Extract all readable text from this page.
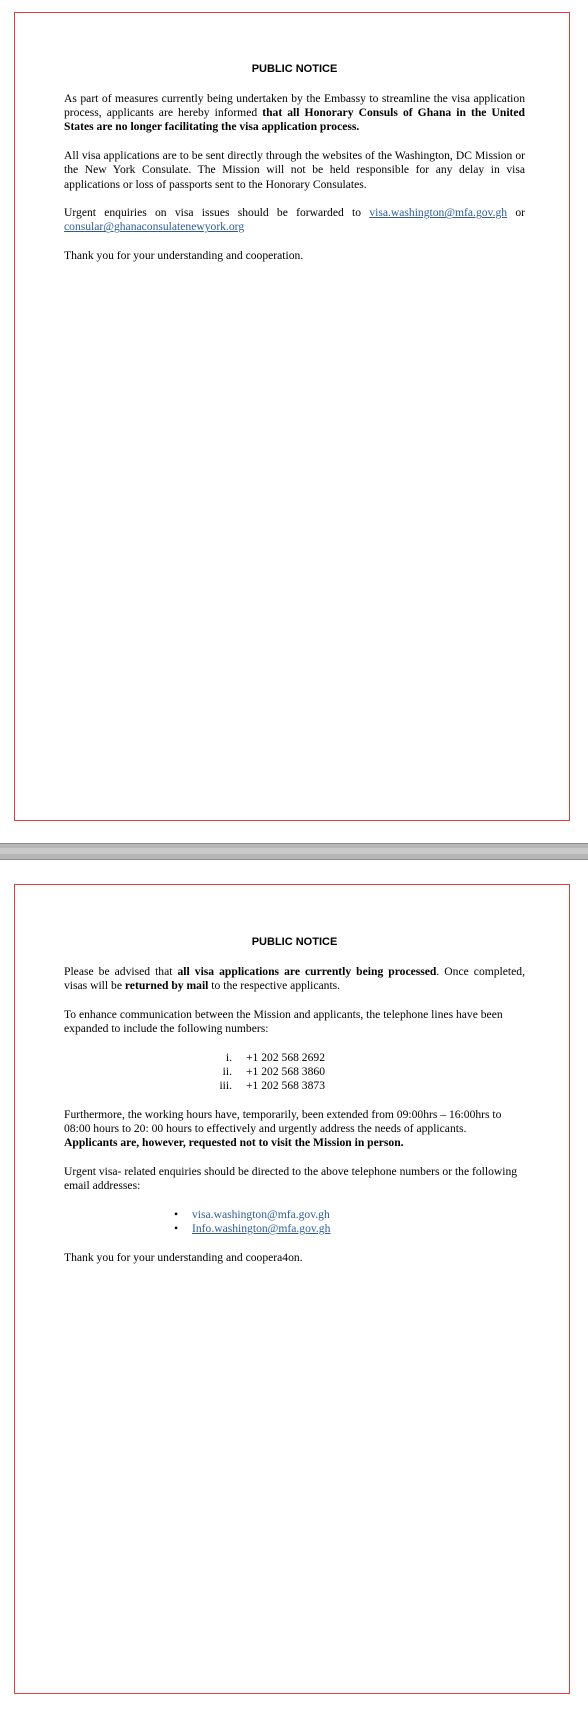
PUBLIC NOTICE

As part of measures currently being undertaken by the Embassy to streamline the visa application process, applicants are hereby informed that all Honorary Consuls of Ghana in the United States are no longer facilitating the visa application process.

All visa applications are to be sent directly through the websites of the Washington, DC Mission or the New York Consulate. The Mission will not be held responsible for any delay in visa applications or loss of passports sent to the Honorary Consulates.

Urgent enquiries on visa issues should be forwarded to visa.washington@mfa.gov.gh or consular@ghanaconsulatenewyork.org

Thank you for your understanding and cooperation.

PUBLIC NOTICE

Please be advised that all visa applications are currently being processed. Once completed, visas will be returned by mail to the respective applicants.

To enhance communication between the Mission and applicants, the telephone lines have been expanded to include the following numbers:

i. +1 202 568 2692
ii. +1 202 568 3860
iii. +1 202 568 3873

Furthermore, the working hours have, temporarily, been extended from 09:00hrs – 16:00hrs to 08:00 hours to 20: 00 hours to effectively and urgently address the needs of applicants.
Applicants are, however, requested not to visit the Mission in person.

Urgent visa- related enquiries should be directed to the above telephone numbers or the following email addresses:

• visa.washington@mfa.gov.gh
• Info.washington@mfa.gov.gh

Thank you for your understanding and coopera4on.
